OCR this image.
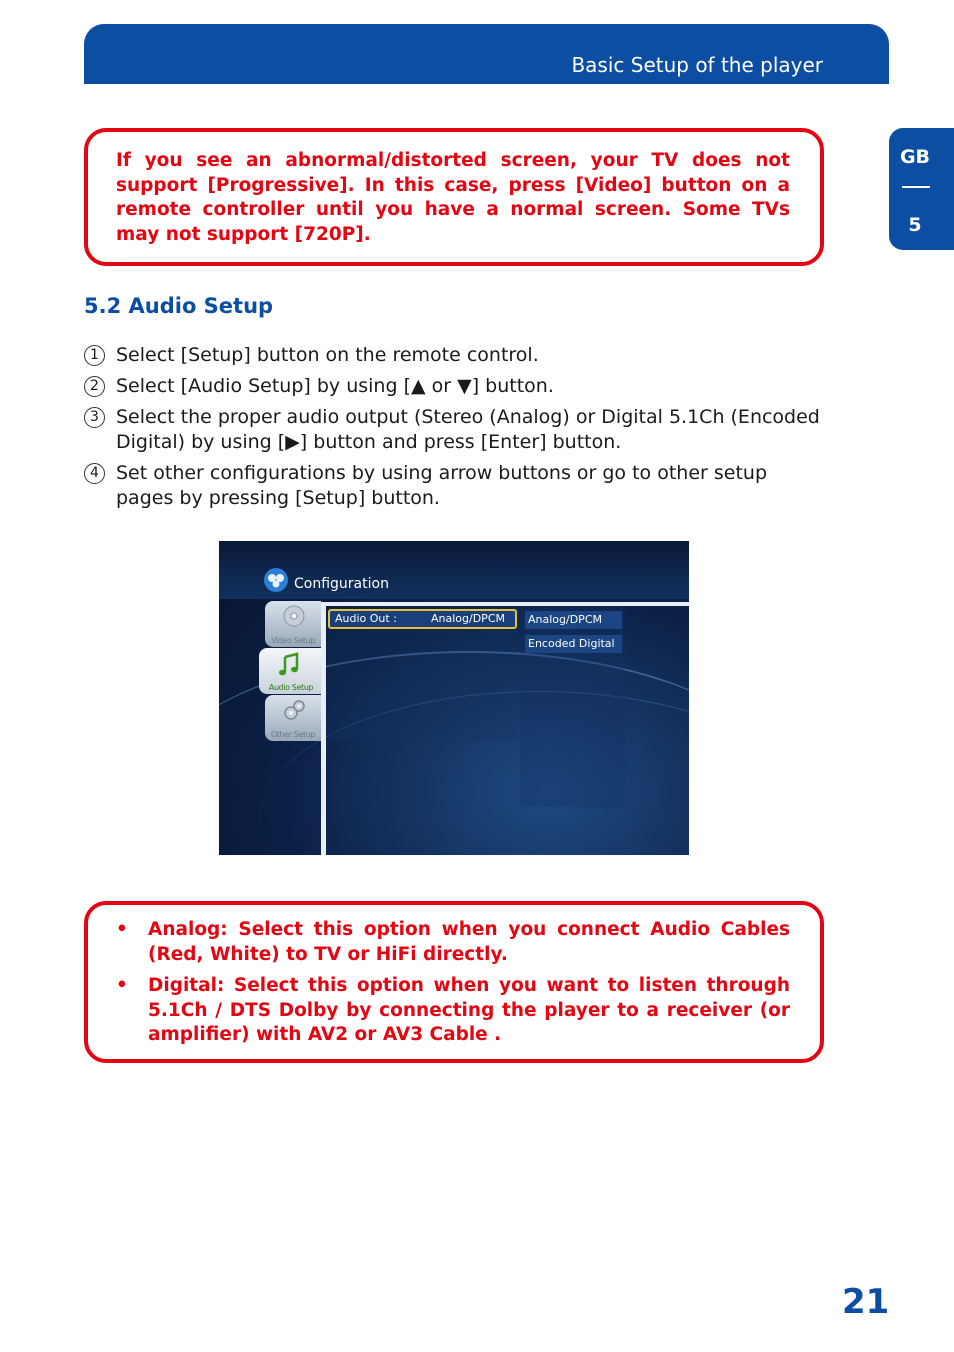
Basic Setup of the player
GB
5

If you see an abnormal/distorted screen, your TV does not support [Progressive]. In this case, press [Video] button on a remote controller until you have a normal screen. Some TVs may not support [720P].

5.2 Audio Setup
1 Select [Setup] button on the remote control.
2 Select [Audio Setup] by using [▲ or ▼] button.
3 Select the proper audio output (Stereo (Analog) or Digital 5.1Ch (Encoded Digital) by using [▶] button and press [Enter] button.
4 Set other configurations by using arrow buttons or go to other setup pages by pressing [Setup] button.
Configuration
Video Setup
Audio Setup
Other Setup
Audio Out :	Analog/DPCM Analog/DPCM
Encoded Digital
• Analog: Select this option when you connect Audio Cables (Red, White) to TV or HiFi directly.
• Digital: Select this option when you want to listen through 5.1Ch / DTS Dolby by connecting the player to a receiver (or amplifier) with AV2 or AV3 Cable .
21
